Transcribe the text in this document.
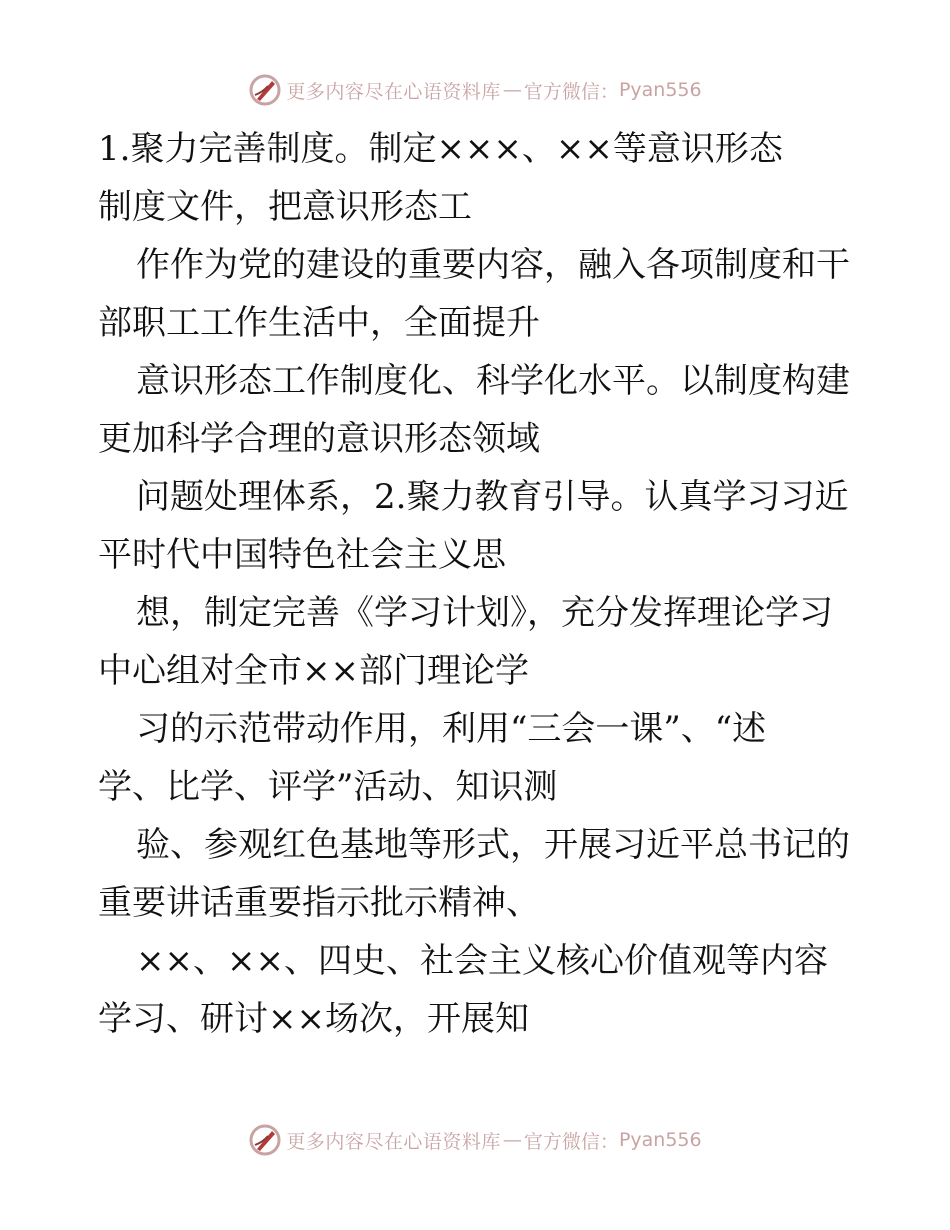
更多内容尽在心语资料库 — 官方微信： Pyan556
1.聚力完善制度。制定×××、××等意识形态
制度文件，把意识形态工
作作为党的建设的重要内容，融入各项制度和干
部职工工作生活中，全面提升
意识形态工作制度化、科学化水平。以制度构建
更加科学合理的意识形态领域
问题处理体系，2.聚力教育引导。认真学习习近
平时代中国特色社会主义思
想，制定完善《学习计划》，充分发挥理论学习
中心组对全市××部门理论学
习的示范带动作用，利用“三会一课”、“述
学、比学、评学”活动、知识测
验、参观红色基地等形式，开展习近平总书记的
重要讲话重要指示批示精神、
××、××、四史、社会主义核心价值观等内容
学习、研讨××场次，开展知
更多内容尽在心语资料库 — 官方微信： Pyan556
